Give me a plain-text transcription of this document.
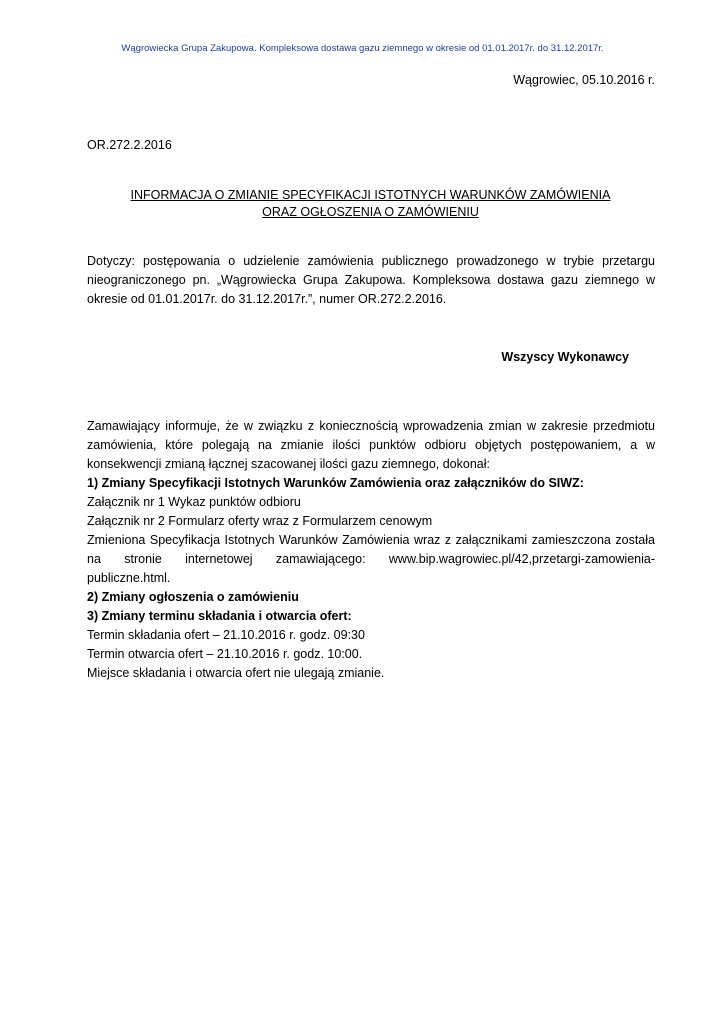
Wągrowiecka Grupa Zakupowa. Kompleksowa dostawa gazu ziemnego w okresie od 01.01.2017r. do 31.12.2017r.
Wągrowiec, 05.10.2016 r.
OR.272.2.2016
INFORMACJA O ZMIANIE SPECYFIKACJI ISTOTNYCH WARUNKÓW ZAMÓWIENIA
ORAZ OGŁOSZENIA O ZAMÓWIENIU
Dotyczy: postępowania o udzielenie zamówienia publicznego prowadzonego w trybie przetargu nieograniczonego pn. „Wągrowiecka Grupa Zakupowa. Kompleksowa dostawa gazu ziemnego w okresie od 01.01.2017r. do 31.12.2017r.”, numer OR.272.2.2016.
Wszyscy Wykonawcy

Zamawiający informuje, że w związku z koniecznością wprowadzenia zmian w zakresie przedmiotu zamówienia, które polegają na zmianie ilości punktów odbioru objętych postępowaniem, a w konsekwencji zmianą łącznej szacowanej ilości gazu ziemnego, dokonał:

1) Zmiany Specyfikacji Istotnych Warunków Zamówienia oraz załączników do SIWZ:

Załącznik nr 1 Wykaz punktów odbioru

Załącznik nr 2 Formularz oferty wraz z Formularzem cenowym

Zmieniona Specyfikacja Istotnych Warunków Zamówienia wraz z załącznikami zamieszczona została na stronie internetowej zamawiającego: www.bip.wagrowiec.pl/42,przetargi-zamowienia-publiczne.html.

2) Zmiany ogłoszenia o zamówieniu

3) Zmiany terminu składania i otwarcia ofert:

Termin składania ofert – 21.10.2016 r. godz. 09:30

Termin otwarcia ofert – 21.10.2016 r. godz. 10:00.

Miejsce składania i otwarcia ofert nie ulegają zmianie.
